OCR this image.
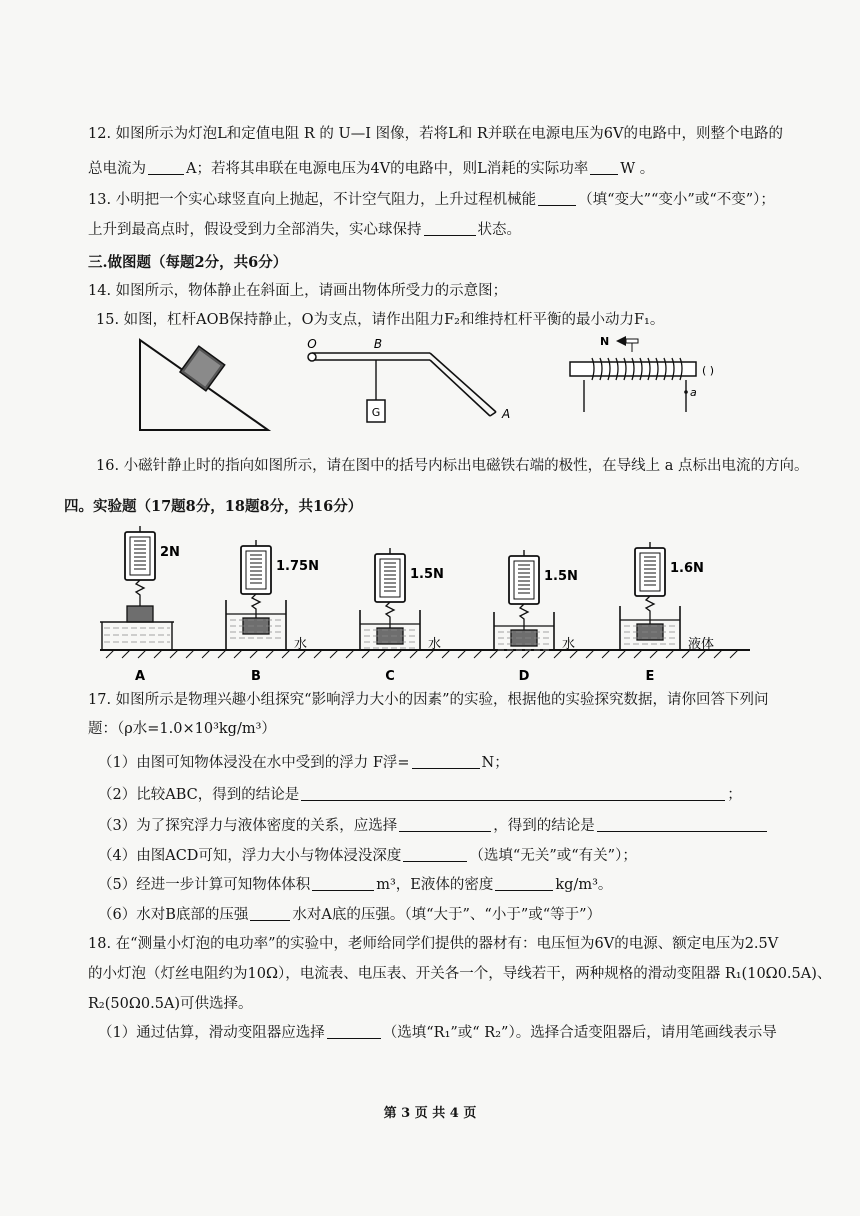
12. 如图所示为灯泡L和定值电阻 R 的 U—I 图像，若将L和 R并联在电源电压为6V的电路中，则整个电路的
总电流为	A；若将其串联在电源电压为4V的电路中，则L消耗的实际功率 W 。
13. 小明把一个实心球竖直向上抛起，不计空气阻力，上升过程机械能	（填“变大”“变小”或“不变”）；
上升到最高点时，假设受到力全部消失，实心球保持	状态。
三.做图题（每题2分，共6分）
14. 如图所示，物体静止在斜面上，请画出物体所受力的示意图；
15. 如图，杠杆AOB保持静止，O为支点，请作出阻力F₂和维持杠杆平衡的最小动力F₁。
O	B
G	A
N
a
( )
16. 小磁针静止时的指向如图所示，请在图中的括号内标出电磁铁右端的极性，在导线上 a 点标出电流的方向。
四。实验题（17题8分，18题8分，共16分）
2N
A
1.75N
水
B
1.5N
水
C
1.5N
水
D
1.6N
液体
E
17. 如图所示是物理兴趣小组探究“影响浮力大小的因素”的实验，根据他的实验探究数据，请你回答下列问
题：（ρ水=1.0×10³kg/m³）
（1）由图可知物体浸没在水中受到的浮力 F浮=	N；
（2）比较ABC，得到的结论是	；
（3）为了探究浮力与液体密度的关系，应选择	，得到的结论是
（4）由图ACD可知，浮力大小与物体浸没深度	（选填“无关”或“有关”）；
（5）经进一步计算可知物体体积	m³，E液体的密度	kg/m³。
（6）水对B底部的压强	水对A底的压强。（填“大于”、“小于”或“等于”）
18. 在“测量小灯泡的电功率”的实验中，老师给同学们提供的器材有：电压恒为6V的电源、额定电压为2.5V
的小灯泡（灯丝电阻约为10Ω），电流表、电压表、开关各一个，导线若干，两种规格的滑动变阻器 R₁(10Ω0.5A)、
R₂(50Ω0.5A)可供选择。
（1）通过估算，滑动变阻器应选择	（选填“R₁”或“ R₂”）。选择合适变阻器后，请用笔画线表示导
第 3 页 共 4 页
